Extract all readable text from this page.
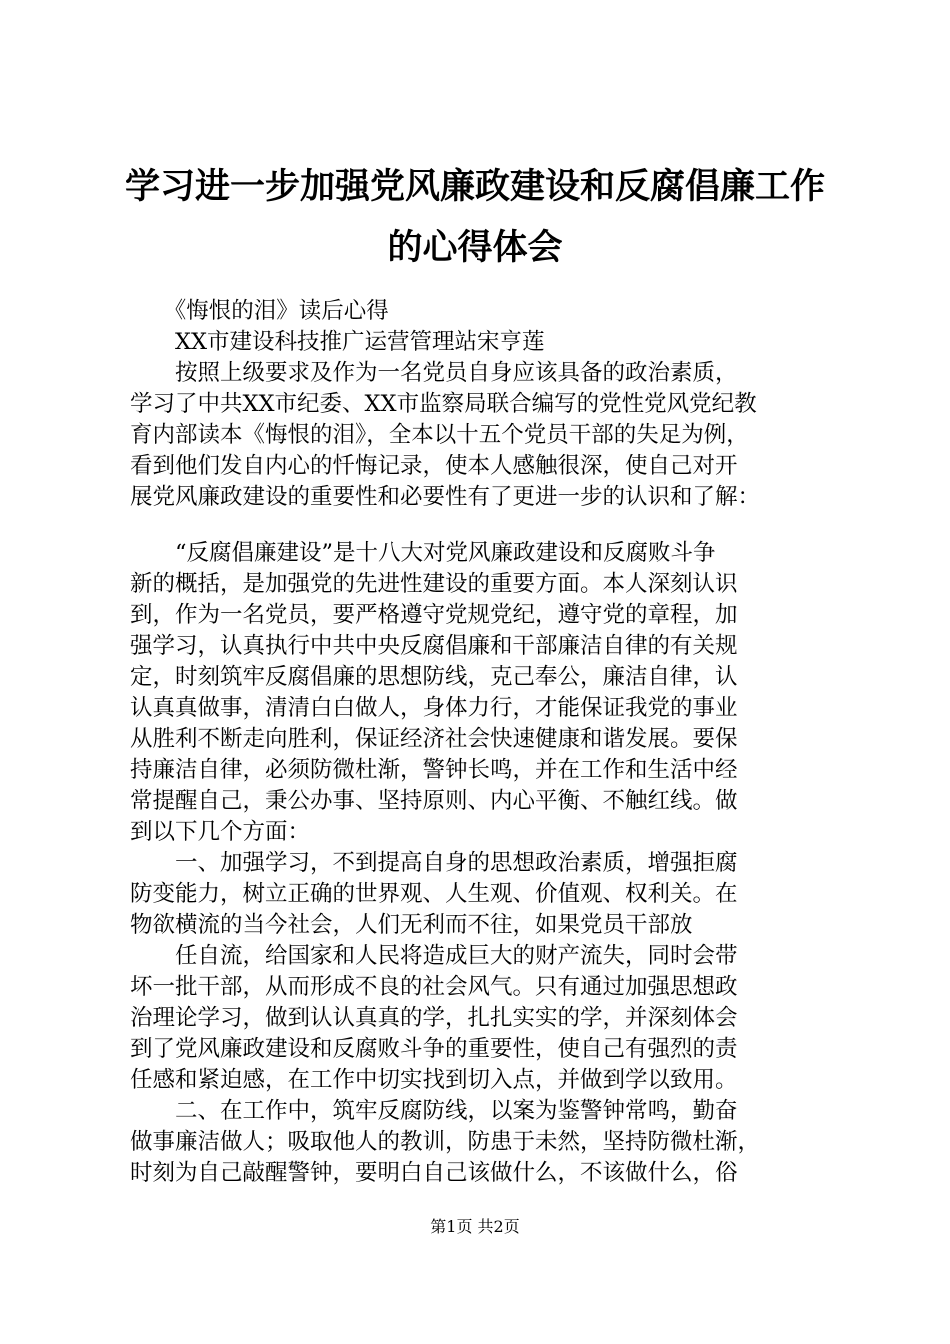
学习进一步加强党风廉政建设和反腐倡廉工作
的心得体会

　　《悔恨的泪》读后心得

　　XX市建设科技推广运营管理站宋亨莲

　　按照上级要求及作为一名党员自身应该具备的政治素质，

学习了中共XX市纪委、XX市监察局联合编写的党性党风党纪教

育内部读本《悔恨的泪》，全本以十五个党员干部的失足为例，

看到他们发自内心的忏悔记录，使本人感触很深，使自己对开

展党风廉政建设的重要性和必要性有了更进一步的认识和了解：

　　“反腐倡廉建设”是十八大对党风廉政建设和反腐败斗争

新的概括，是加强党的先进性建设的重要方面。本人深刻认识

到，作为一名党员，要严格遵守党规党纪，遵守党的章程，加

强学习，认真执行中共中央反腐倡廉和干部廉洁自律的有关规

定，时刻筑牢反腐倡廉的思想防线，克己奉公，廉洁自律，认

认真真做事，清清白白做人，身体力行，才能保证我党的事业

从胜利不断走向胜利，保证经济社会快速健康和谐发展。要保

持廉洁自律，必须防微杜渐，警钟长鸣，并在工作和生活中经

常提醒自己，秉公办事、坚持原则、内心平衡、不触红线。做

到以下几个方面：

　　一、加强学习，不到提高自身的思想政治素质，增强拒腐

防变能力，树立正确的世界观、人生观、价值观、权利关。在

物欲横流的当今社会，人们无利而不往，如果党员干部放

　　任自流，给国家和人民将造成巨大的财产流失，同时会带

坏一批干部，从而形成不良的社会风气。只有通过加强思想政

治理论学习，做到认认真真的学，扎扎实实的学，并深刻体会

到了党风廉政建设和反腐败斗争的重要性，使自己有强烈的责

任感和紧迫感，在工作中切实找到切入点，并做到学以致用。

　　二、在工作中，筑牢反腐防线，以案为鉴警钟常鸣，勤奋

做事廉洁做人；吸取他人的教训，防患于未然，坚持防微杜渐，

时刻为自己敲醒警钟，要明白自己该做什么，不该做什么，俗

第1页 共2页
